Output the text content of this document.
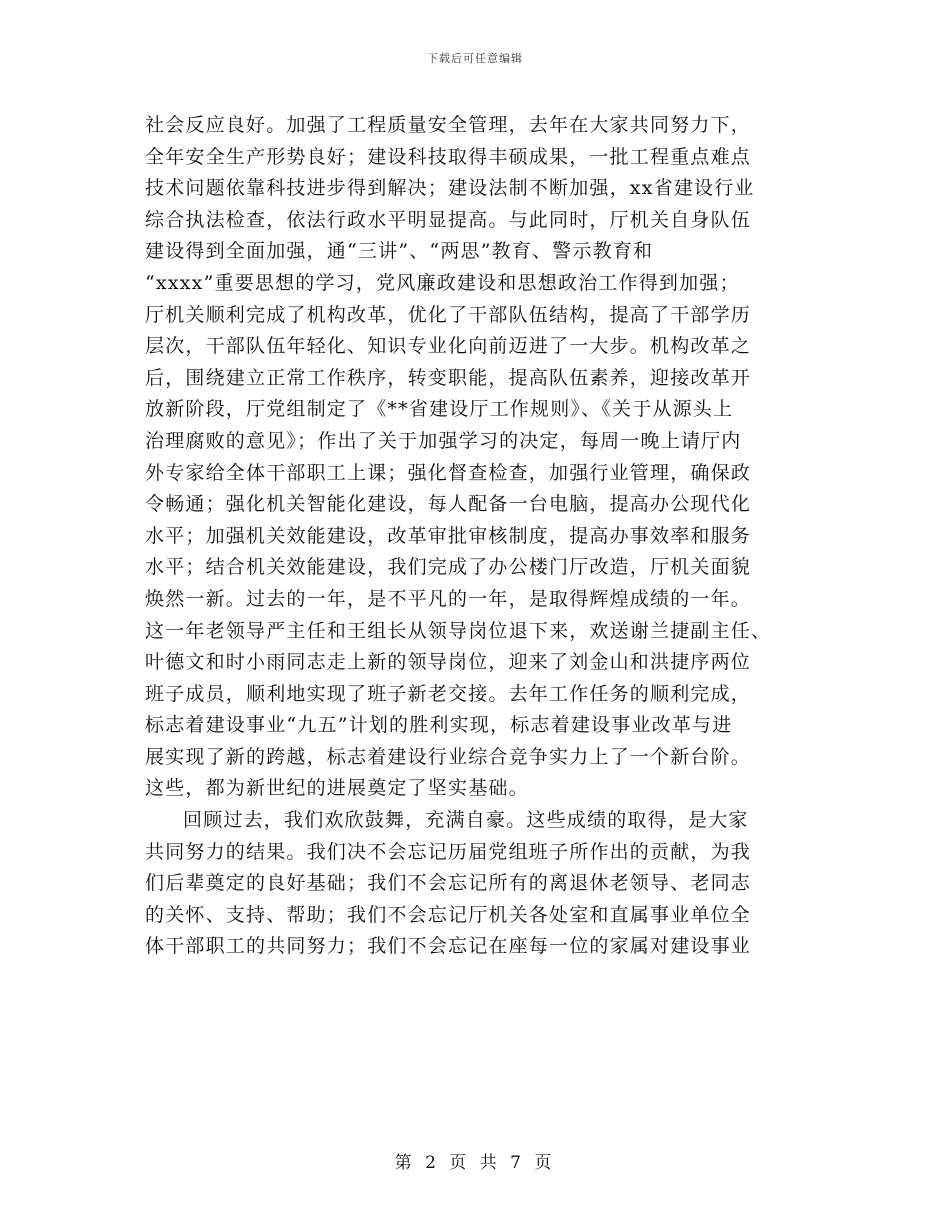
下载后可任意编辑
社会反应良好。加强了工程质量安全管理，去年在大家共同努力下，
全年安全生产形势良好；建设科技取得丰硕成果，一批工程重点难点
技术问题依靠科技进步得到解决；建设法制不断加强，xx省建设行业
综合执法检查，依法行政水平明显提高。与此同时，厅机关自身队伍
建设得到全面加强，通“三讲”、“两思”教育、警示教育和
“xxxx”重要思想的学习，党风廉政建设和思想政治工作得到加强；
厅机关顺利完成了机构改革，优化了干部队伍结构，提高了干部学历
层次，干部队伍年轻化、知识专业化向前迈进了一大步。机构改革之
后，围绕建立正常工作秩序，转变职能，提高队伍素养，迎接改革开
放新阶段，厅党组制定了《**省建设厅工作规则》、《关于从源头上
治理腐败的意见》；作出了关于加强学习的决定，每周一晚上请厅内
外专家给全体干部职工上课；强化督查检查，加强行业管理，确保政
令畅通；强化机关智能化建设，每人配备一台电脑，提高办公现代化
水平；加强机关效能建设，改革审批审核制度，提高办事效率和服务
水平；结合机关效能建设，我们完成了办公楼门厅改造，厅机关面貌
焕然一新。过去的一年，是不平凡的一年，是取得辉煌成绩的一年。
这一年老领导严主任和王组长从领导岗位退下来，欢送谢兰捷副主任、
叶德文和时小雨同志走上新的领导岗位，迎来了刘金山和洪捷序两位
班子成员，顺利地实现了班子新老交接。去年工作任务的顺利完成，
标志着建设事业“九五”计划的胜利实现，标志着建设事业改革与进
展实现了新的跨越，标志着建设行业综合竞争实力上了一个新台阶。
这些，都为新世纪的进展奠定了坚实基础。
回顾过去，我们欢欣鼓舞，充满自豪。这些成绩的取得，是大家
共同努力的结果。我们决不会忘记历届党组班子所作出的贡献，为我
们后辈奠定的良好基础；我们不会忘记所有的离退休老领导、老同志
的关怀、支持、帮助；我们不会忘记厅机关各处室和直属事业单位全
体干部职工的共同努力；我们不会忘记在座每一位的家属对建设事业
第 2 页 共 7 页
